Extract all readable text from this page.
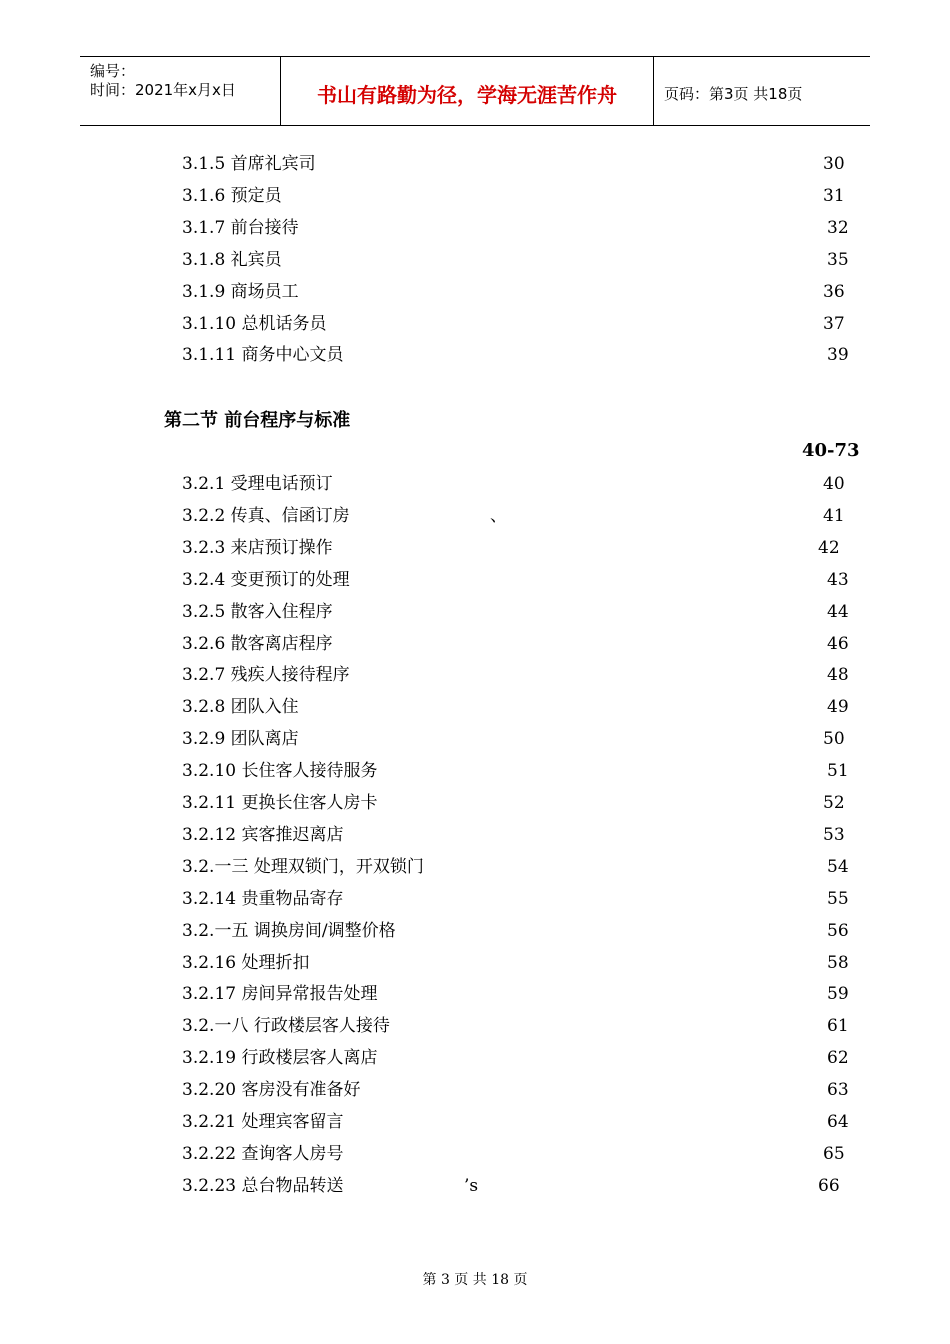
编号：
时间：2021年x月x日	书山有路勤为径，学海无涯苦作舟	页码：第3页 共18页
3.1.5 首席礼宾司	30
3.1.6 预定员	31
3.1.7 前台接待	32
3.1.8 礼宾员	35
3.1.9 商场员工	36
3.1.10 总机话务员	37
3.1.11 商务中心文员	39
第二节 前台程序与标准
40-73
3.2.1 受理电话预订	40
3.2.2 传真、信函订房	、	41
3.2.3 来店预订操作	42
3.2.4 变更预订的处理	43
3.2.5 散客入住程序	44
3.2.6 散客离店程序	46
3.2.7 残疾人接待程序	48
3.2.8 团队入住	49
3.2.9 团队离店	50
3.2.10 长住客人接待服务	51
3.2.11 更换长住客人房卡	52
3.2.12 宾客推迟离店	53
3.2.一三 处理双锁门，开双锁门	54
3.2.14 贵重物品寄存	55
3.2.一五 调换房间/调整价格	56
3.2.16 处理折扣	58
3.2.17 房间异常报告处理	59
3.2.一八 行政楼层客人接待	61
3.2.19 行政楼层客人离店	62
3.2.20 客房没有准备好	63
3.2.21 处理宾客留言	64
3.2.22 查询客人房号	65
3.2.23 总台物品转送	’s	66
第 3 页 共 18 页
